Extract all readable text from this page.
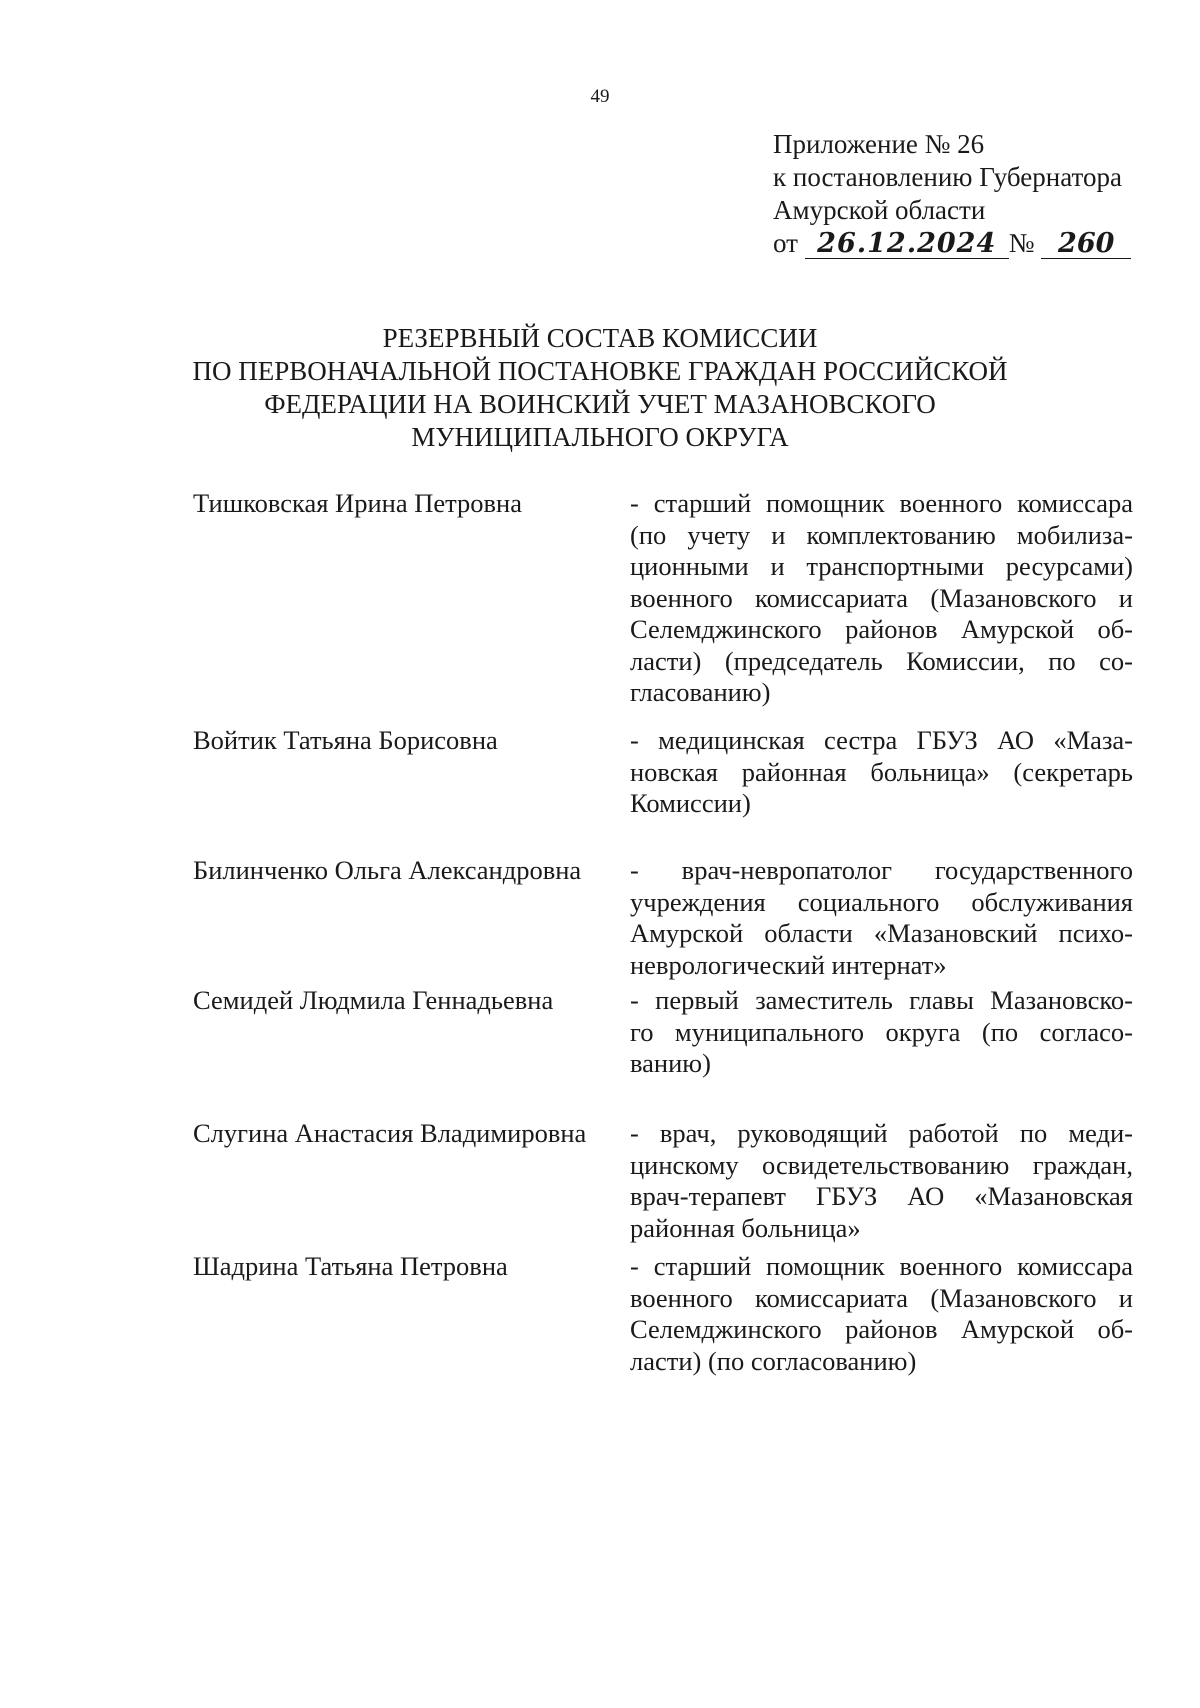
49
Приложение № 26
к постановлению Губернатора
Амурской области
от 26.12.2024 № 260
РЕЗЕРВНЫЙ СОСТАВ КОМИССИИ
ПО ПЕРВОНАЧАЛЬНОЙ ПОСТАНОВКЕ ГРАЖДАН РОССИЙСКОЙ
ФЕДЕРАЦИИ НА ВОИНСКИЙ УЧЕТ МАЗАНОВСКОГО
МУНИЦИПАЛЬНОГО ОКРУГА
Тишковская Ирина Петровна	- старший помощник военного комиссара
(по учету и комплектованию мобилиза-
ционными и транспортными ресурсами)
военного комиссариата (Мазановского и
Селемджинского районов Амурской об-
ласти) (председатель Комиссии, по со-
гласованию)
Войтик Татьяна Борисовна	- медицинская сестра ГБУЗ АО «Маза-
новская районная больница» (секретарь
Комиссии)
Билинченко Ольга Александровна	- врач-невропатолог государственного
учреждения социального обслуживания
Амурской области «Мазановский психо-
неврологический интернат»
Семидей Людмила Геннадьевна	- первый заместитель главы Мазановско-
го муниципального округа (по согласо-
ванию)
Слугина Анастасия Владимировна	- врач, руководящий работой по меди-
цинскому освидетельствованию граждан,
врач-терапевт ГБУЗ АО «Мазановская
районная больница»
Шадрина Татьяна Петровна	- старший помощник военного комиссара
военного комиссариата (Мазановского и
Селемджинского районов Амурской об-
ласти) (по согласованию)
